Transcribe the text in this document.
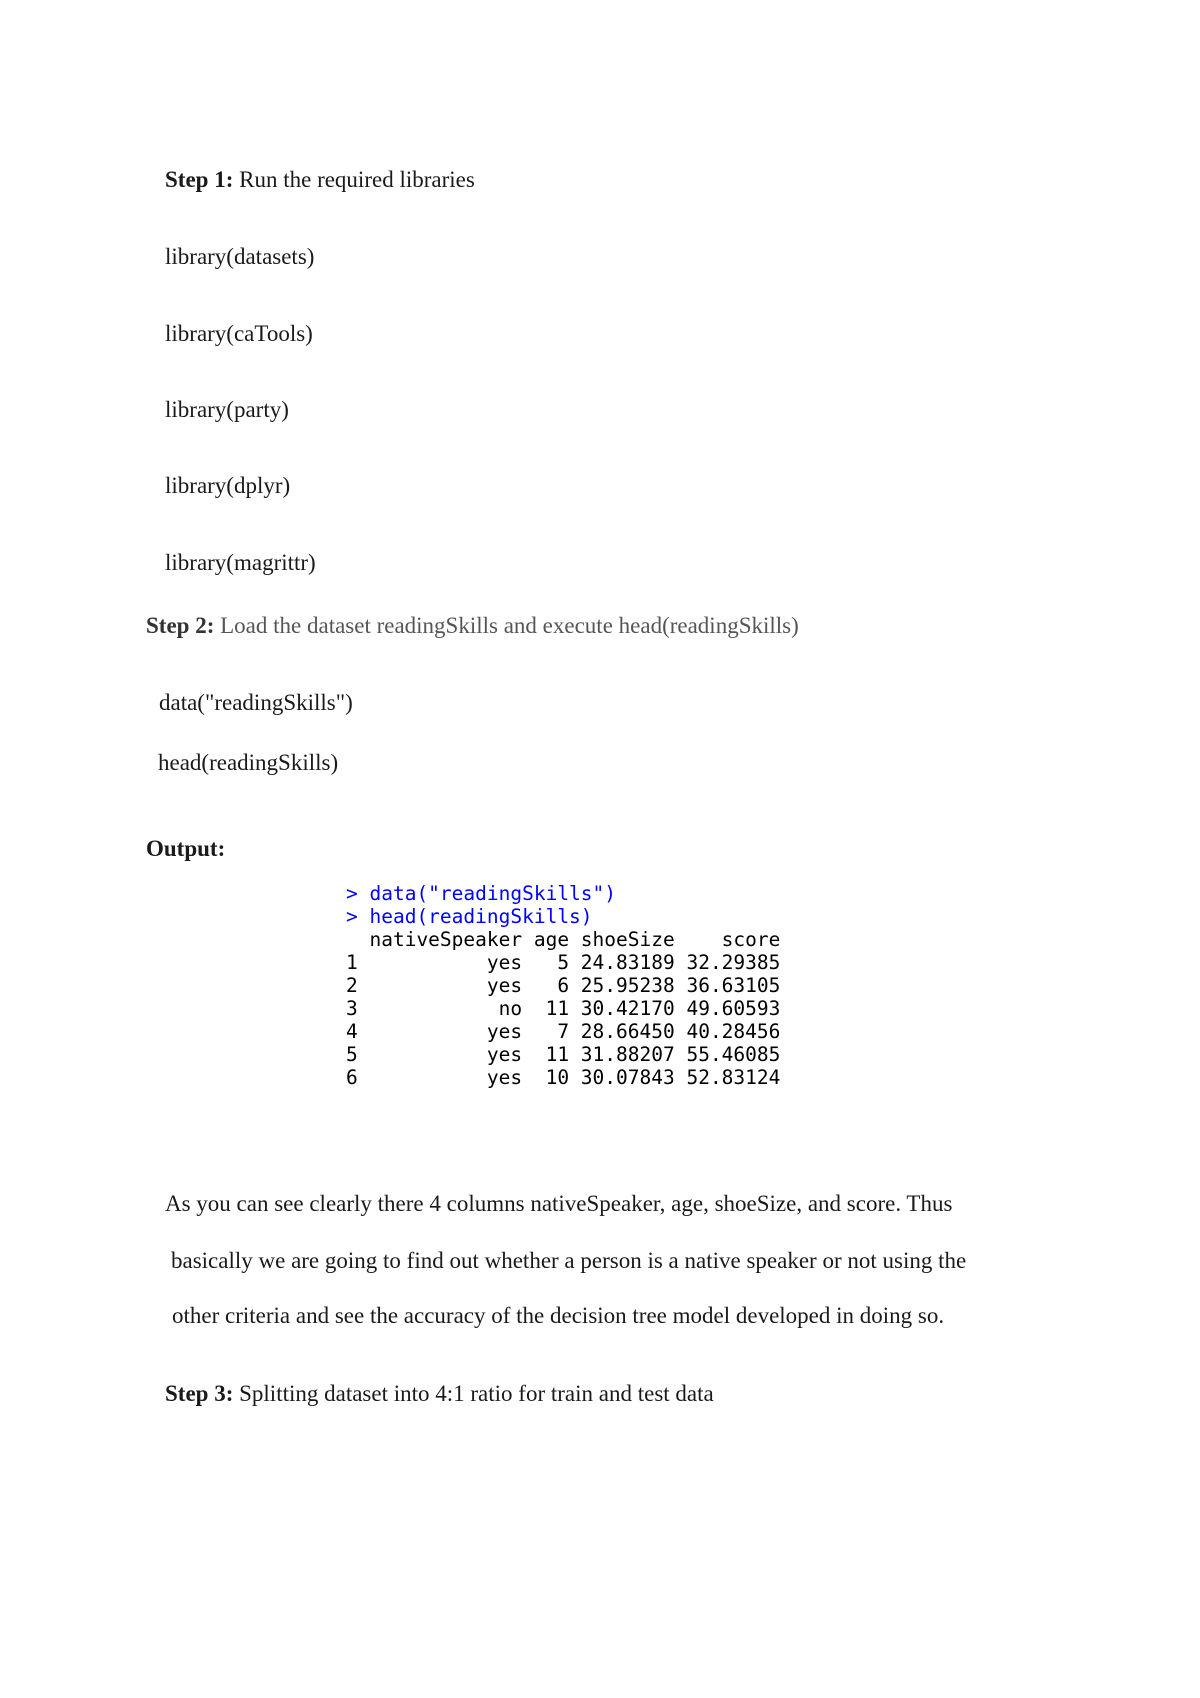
Step 1: Run the required libraries
library(datasets)
library(caTools)
library(party)
library(dplyr)
library(magrittr)
Step 2: Load the dataset readingSkills and execute head(readingSkills)
data("readingSkills")
head(readingSkills)
Output:
> data("readingSkills")
> head(readingSkills)
nativeSpeaker age shoeSize    score
1           yes   5 24.83189 32.29385
2           yes   6 25.95238 36.63105
3            no  11 30.42170 49.60593
4           yes   7 28.66450 40.28456
5           yes  11 31.88207 55.46085
6           yes  10 30.07843 52.83124
As you can see clearly there 4 columns nativeSpeaker, age, shoeSize, and score. Thus
basically we are going to find out whether a person is a native speaker or not using the
other criteria and see the accuracy of the decision tree model developed in doing so.
Step 3: Splitting dataset into 4:1 ratio for train and test data
